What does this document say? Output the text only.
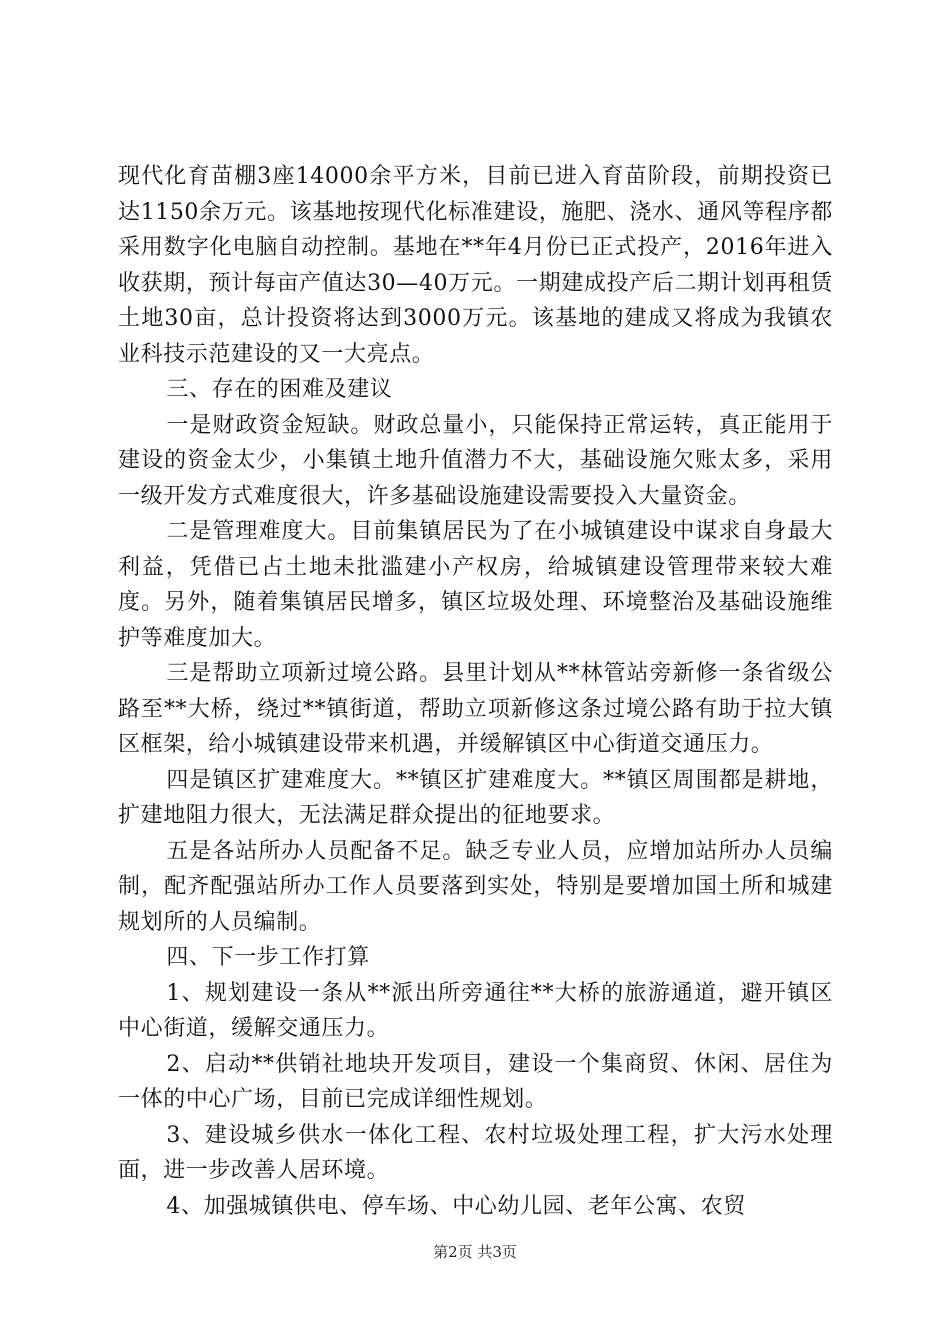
现代化育苗棚3座14000余平方米，目前已进入育苗阶段，前期投资已达1150余万元。该基地按现代化标准建设，施肥、浇水、通风等程序都采用数字化电脑自动控制。基地在**年4月份已正式投产，2016年进入收获期，预计每亩产值达30—40万元。一期建成投产后二期计划再租赁土地30亩，总计投资将达到3000万元。该基地的建成又将成为我镇农业科技示范建设的又一大亮点。

三、存在的困难及建议

一是财政资金短缺。财政总量小，只能保持正常运转，真正能用于建设的资金太少，小集镇土地升值潜力不大，基础设施欠账太多，采用一级开发方式难度很大，许多基础设施建设需要投入大量资金。

二是管理难度大。目前集镇居民为了在小城镇建设中谋求自身最大利益，凭借已占土地未批滥建小产权房，给城镇建设管理带来较大难度。另外，随着集镇居民增多，镇区垃圾处理、环境整治及基础设施维护等难度加大。

三是帮助立项新过境公路。县里计划从**林管站旁新修一条省级公路至**大桥，绕过**镇街道，帮助立项新修这条过境公路有助于拉大镇区框架，给小城镇建设带来机遇，并缓解镇区中心街道交通压力。

四是镇区扩建难度大。**镇区扩建难度大。**镇区周围都是耕地，扩建地阻力很大，无法满足群众提出的征地要求。

五是各站所办人员配备不足。缺乏专业人员，应增加站所办人员编制，配齐配强站所办工作人员要落到实处，特别是要增加国土所和城建规划所的人员编制。

四、下一步工作打算

1、规划建设一条从**派出所旁通往**大桥的旅游通道，避开镇区中心街道，缓解交通压力。

2、启动**供销社地块开发项目，建设一个集商贸、休闲、居住为一体的中心广场，目前已完成详细性规划。

3、建设城乡供水一体化工程、农村垃圾处理工程，扩大污水处理面，进一步改善人居环境。

4、加强城镇供电、停车场、中心幼儿园、老年公寓、农贸

第2页 共3页
